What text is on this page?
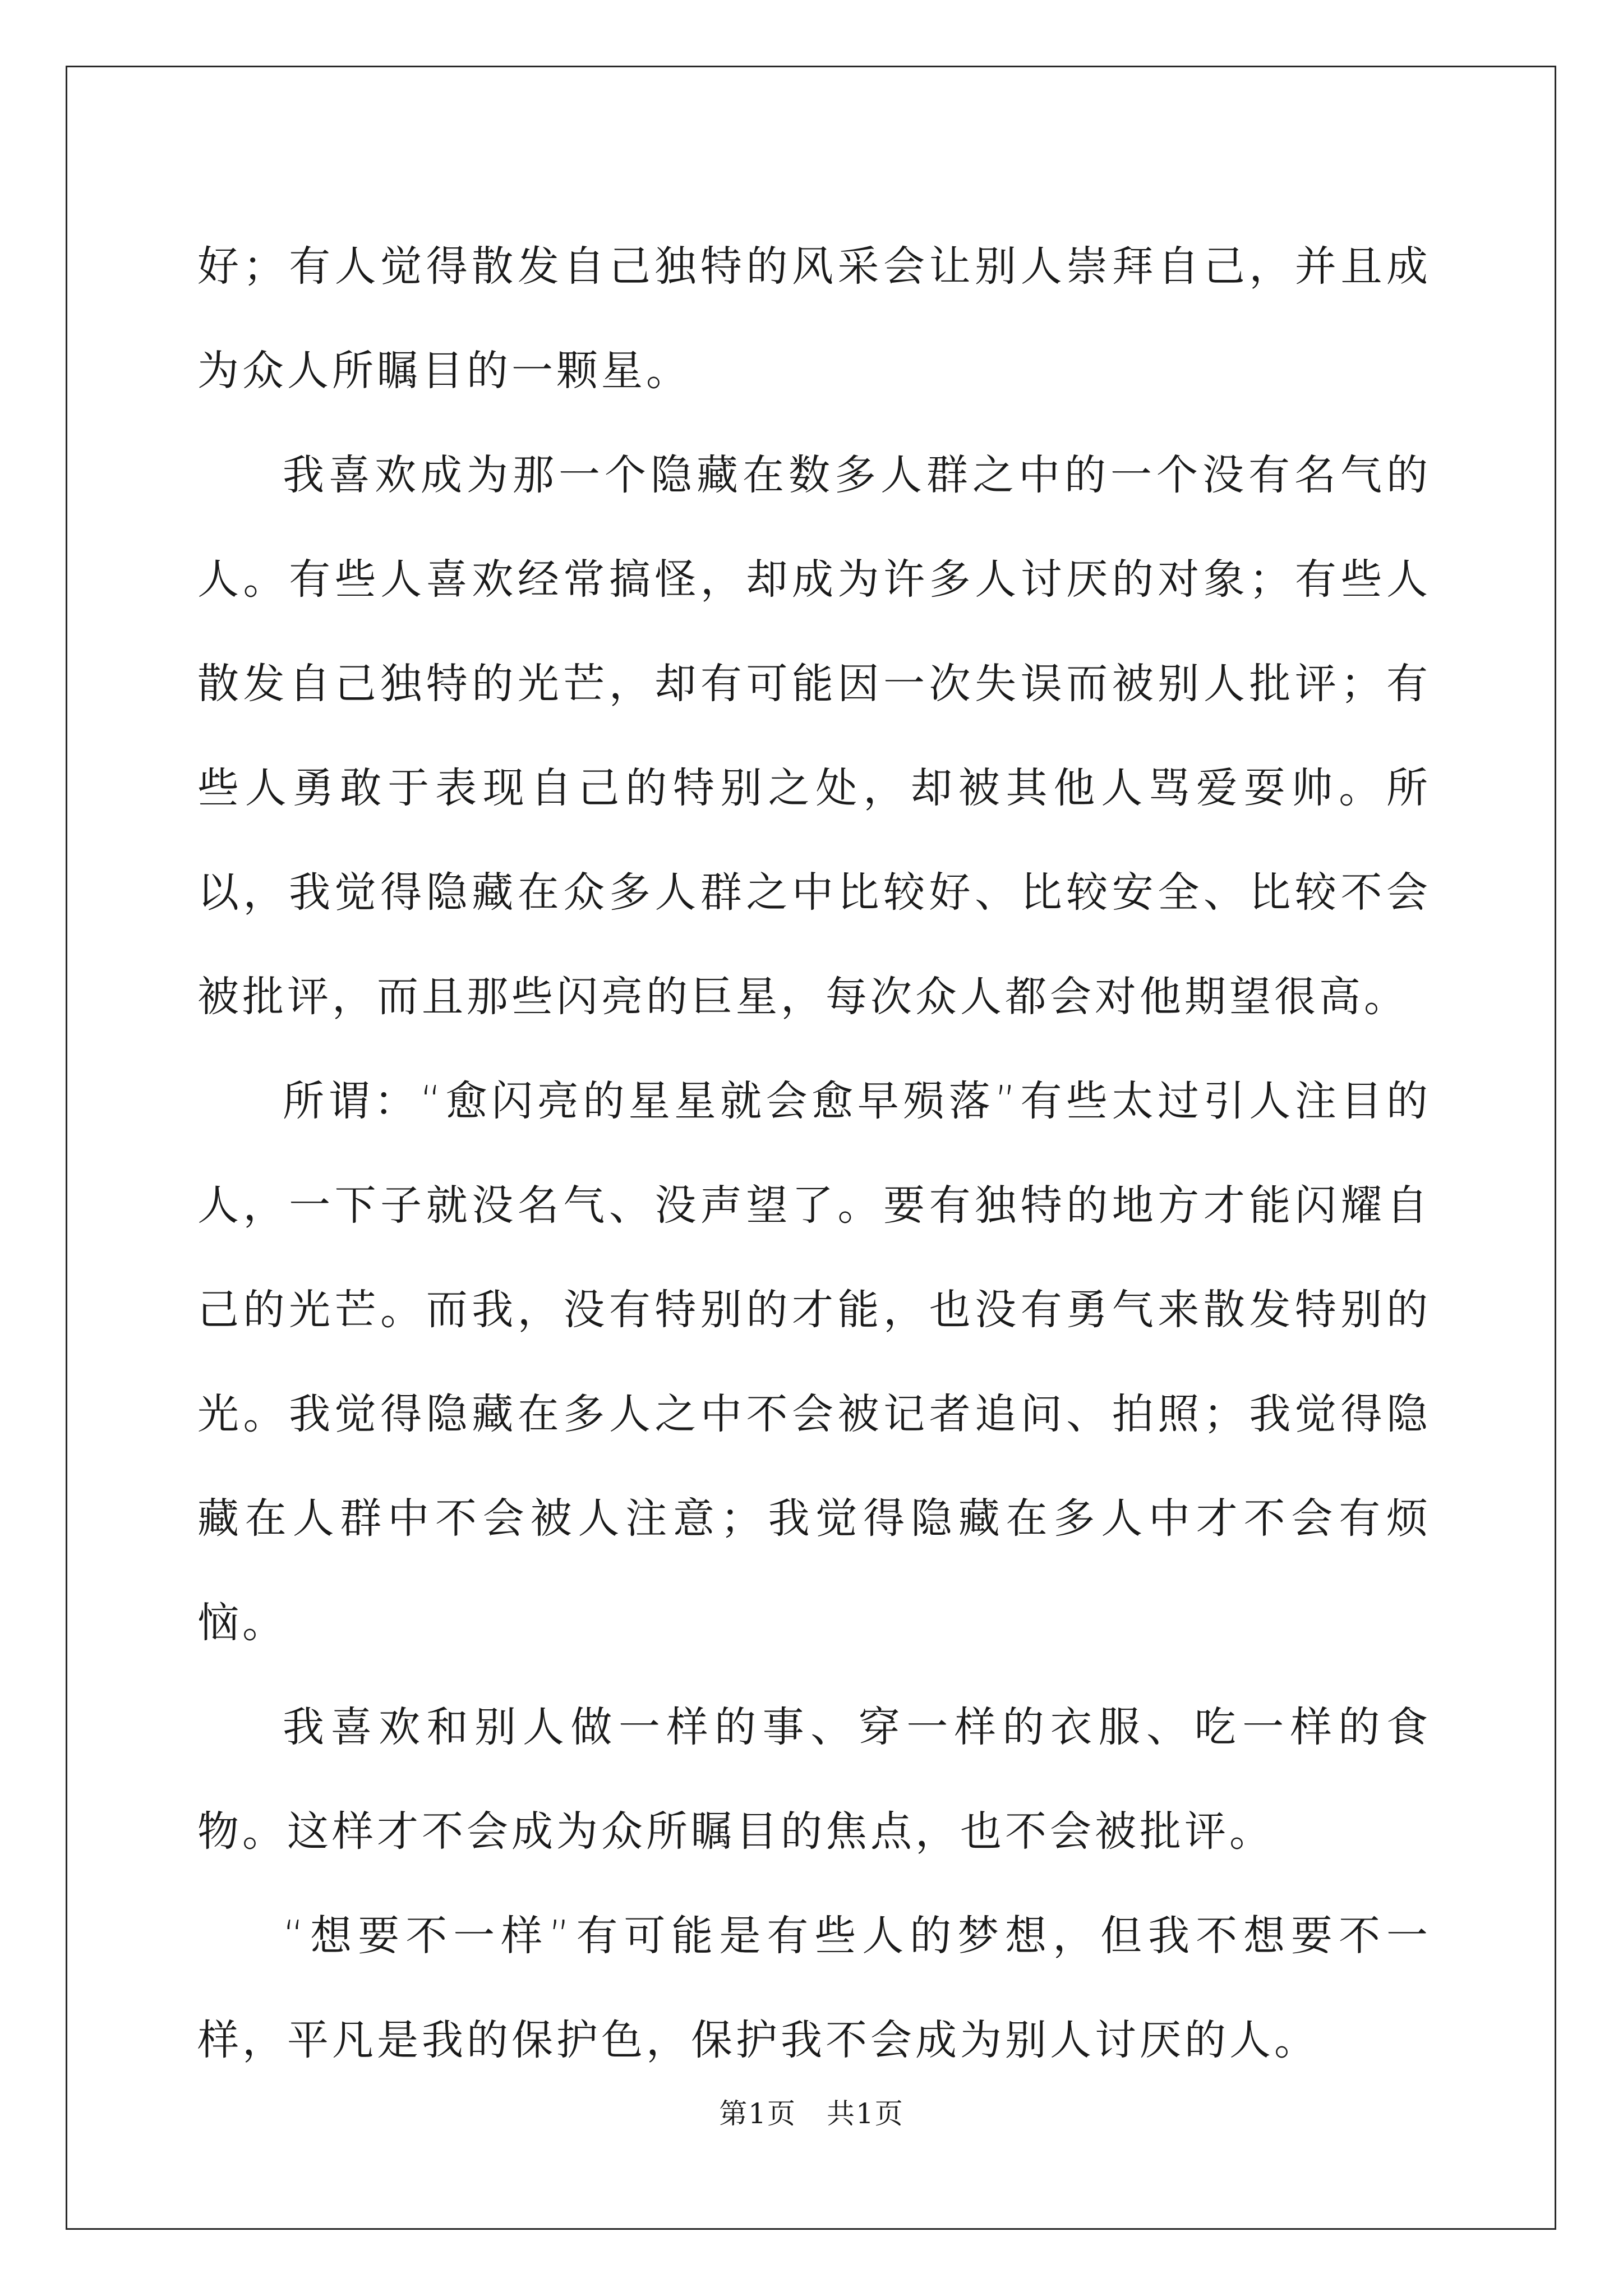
好；有人觉得散发自己独特的风采会让别人崇拜自己，并且成为众人所瞩目的一颗星。

我喜欢成为那一个隐藏在数多人群之中的一个没有名气的人。有些人喜欢经常搞怪，却成为许多人讨厌的对象；有些人散发自己独特的光芒，却有可能因一次失误而被别人批评；有些人勇敢于表现自己的特别之处，却被其他人骂爱耍帅。所以，我觉得隐藏在众多人群之中比较好、比较安全、比较不会被批评，而且那些闪亮的巨星，每次众人都会对他期望很高。

所谓：“愈闪亮的星星就会愈早殒落”有些太过引人注目的人，一下子就没名气、没声望了。要有独特的地方才能闪耀自己的光芒。而我，没有特别的才能，也没有勇气来散发特别的光。我觉得隐藏在多人之中不会被记者追问、拍照；我觉得隐藏在人群中不会被人注意；我觉得隐藏在多人中才不会有烦恼。

我喜欢和别人做一样的事、穿一样的衣服、吃一样的食物。这样才不会成为众所瞩目的焦点，也不会被批评。

“想要不一样”有可能是有些人的梦想，但我不想要不一样，平凡是我的保护色，保护我不会成为别人讨厌的人。

第1页 共1页
